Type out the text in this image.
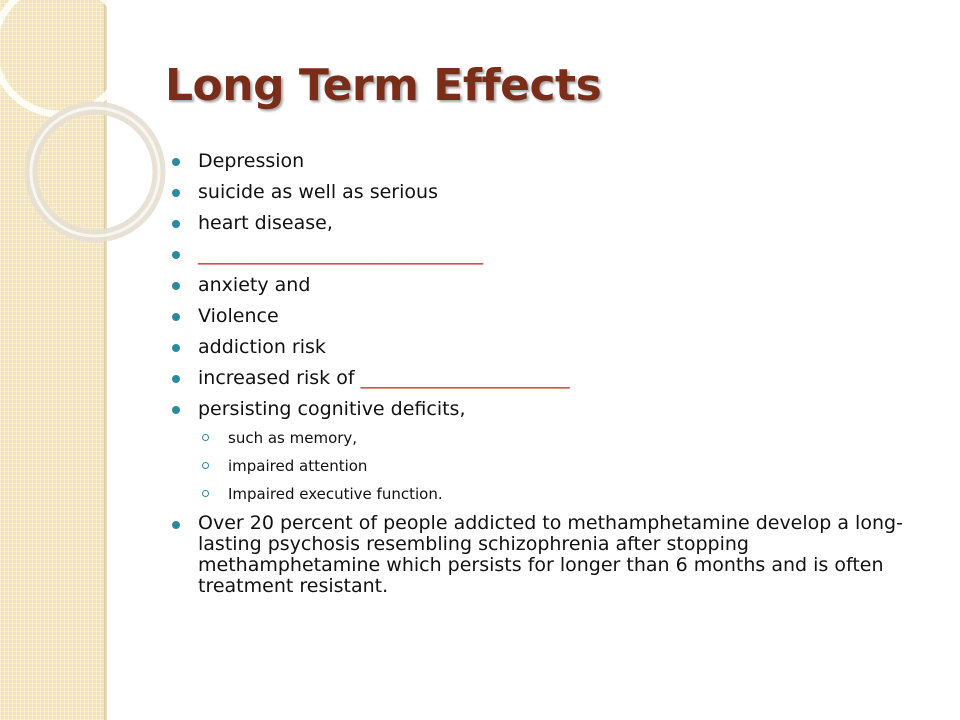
Long Term Effects
Depression
suicide as well as serious
heart disease,
______________________________
anxiety and
Violence
addiction risk
increased risk of ______________________
persisting cognitive deficits,
such as memory,
impaired attention
Impaired executive function.
Over 20 percent of people addicted to methamphetamine develop a long-lasting psychosis resembling schizophrenia after stopping methamphetamine which persists for longer than 6 months and is often treatment resistant.
